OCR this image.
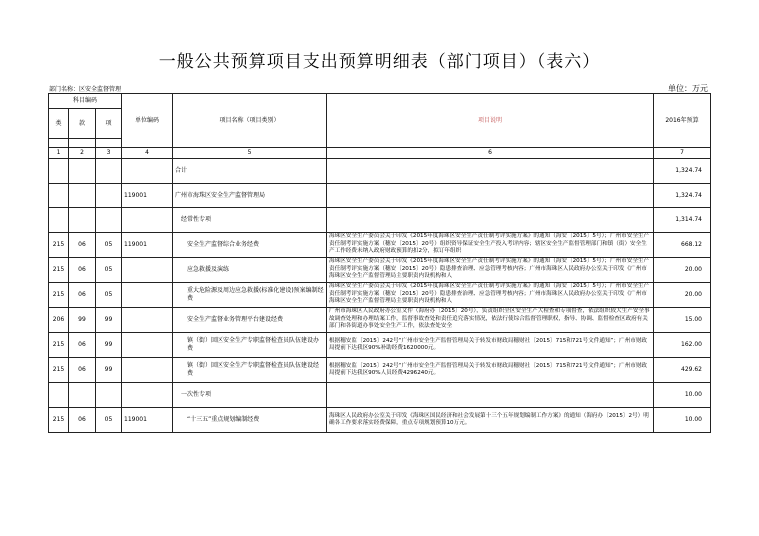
一般公共预算项目支出预算明细表（部门项目）（表六）
部门名称：区安全监督管理	单位：万元
科目编码			单位编码	项目名称（项目类别）	项目说明	2016年预算
类	款	项				

1	2	3	4	5	6	7
				合计		1,324.74
			119001	广州市海珠区安全生产监督管理局		1,324.74
				经常性专项		1,314.74
215	06	05	119001	安全生产监督综合业务经费	海珠区安全生产委员会关于印发《2015年度海珠区安全生产责任制考评实施方案》的通知（海安〔2015〕5号）；广州市安全生产责任制考评实施方案（穗安〔2015〕20号）组织资导保证安全生产投入考评内容；辖区安全生产监督管理部门和镇（街）安全生产工作经费未纳入政府财政预算的扣2分，拟订年组织	668.12
215	06	05		应急救援及演练	海珠区安全生产委员会关于印发《2015年度海珠区安全生产责任制考评实施方案》的通知（海安〔2015〕5号）；广州市安全生产责任制考评实施方案（穗安〔2015〕20号）隐患排查治理、应急管理考核内容；广州市海珠区人民政府办公室关于印发《广州市海珠区安全生产监督管理局主要职责内设机构和人	20.00
215	06	05		重大危险源及周边应急救援(标准化建设)预案编制经费	海珠区安全生产委员会关于印发《2015年度海珠区安全生产责任制考评实施方案》的通知（海安〔2015〕5号）；广州市安全生产责任制考评实施方案（穗安〔2015〕20号）隐患排查治理、应急管理考核内容；广州市海珠区人民政府办公室关于印发《广州市海珠区安全生产监督管理局主要职责内设机构和人	20.00
206	99	99		安全生产监督业务管理平台建设经费	广州市海珠区人民政府办公室文件（海府办〔2015〕20号），负责组织全区安全生产大检查和专项督查，依法组织较大生产安全事故调查处理和办理结案工作，监督事故查处和责任追究落实情况，依法行使综合监督管理职权，指导、协调、监督检查区政府有关部门和各街道办事处安全生产工作，依法查处安全	15.00
215	06	99		镇（街）回区安全生产专职监督检查员队伍建设办费	根据穗安监〔2015〕242号“广州市安全生产监督管理局关于转发市财政局穗财社〔2015〕715和721号文件通知”；广州市财政局提前下达我区90%补助经费1620000元。	162.00
215	06	99		镇（街）回区安全生产专职监督检查员队伍建设经费	根据穗安监〔2015〕242号“广州市安全生产监督管理局关于转发市财政局穗财社〔2015〕715和721号文件通知”；广州市财政局提前下达我区90%人员经费4296240元。	429.62
				一次性专项		10.00
215	06	05	119001	“十三五”重点规划编制经费	海珠区人民政府办公室关于印发《海珠区国民经济和社会发展第十三个五年规划编制工作方案》的通知（海府办〔2015〕2号）明确各工作要求落实经费保障，重点专项规划预算10万元。	10.00
